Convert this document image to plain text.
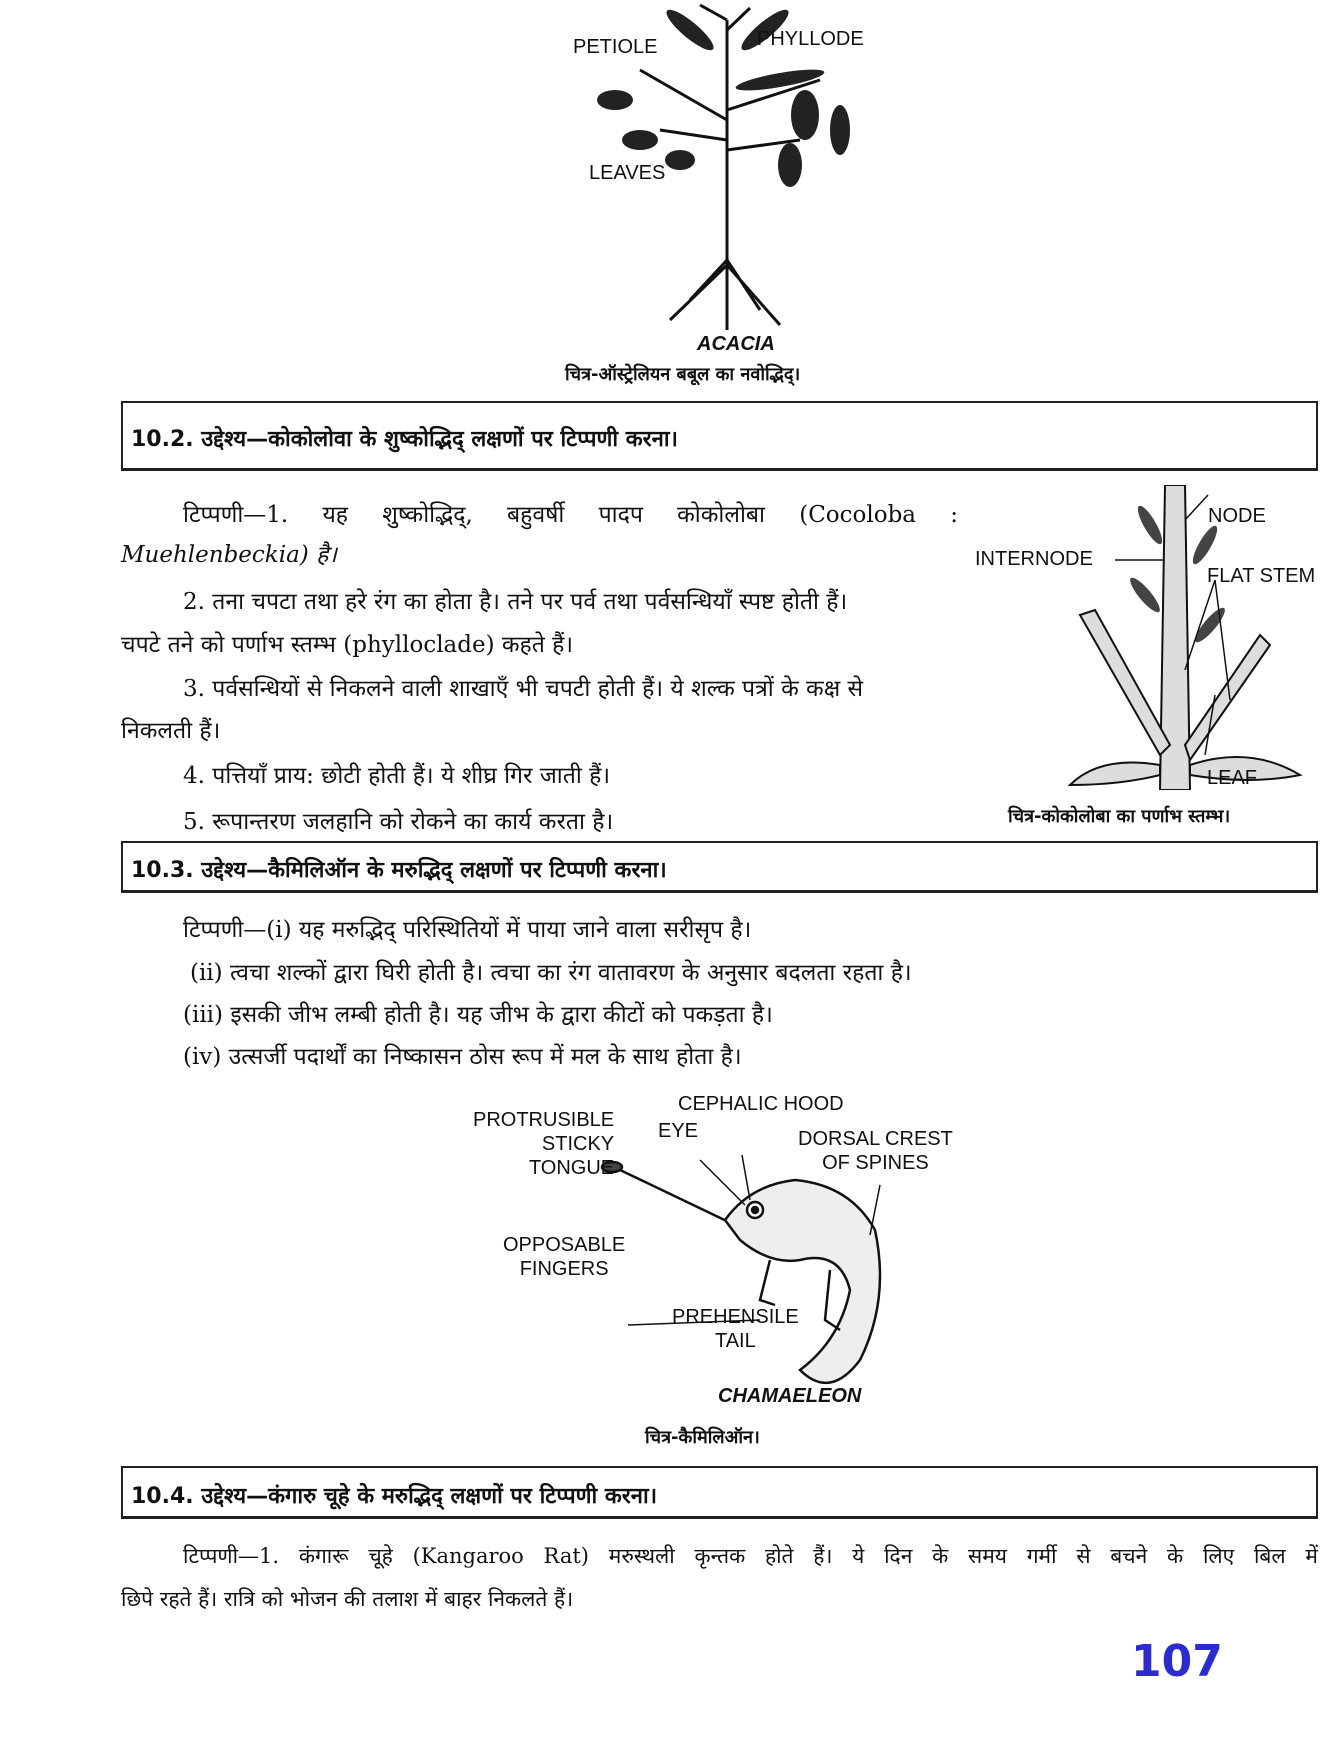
PETIOLE	PHYLLODE
LEAVES
ACACIA
चित्र-ऑस्ट्रेलियन बबूल का नवोद्भिद्।
10.2. उद्देश्य—कोकोलोवा के शुष्कोद्भिद् लक्षणों पर टिप्पणी करना।
टिप्पणी—1. यह शुष्कोद्भिद्, बहुवर्षी पादप कोकोलोबा (Cocoloba :
Muehlenbeckia) है।
2. तना चपटा तथा हरे रंग का होता है। तने पर पर्व तथा पर्वसन्धियाँ स्पष्ट होती हैं।
चपटे तने को पर्णाभ स्तम्भ (phylloclade) कहते हैं।
3. पर्वसन्धियों से निकलने वाली शाखाएँ भी चपटी होती हैं। ये शल्क पत्रों के कक्ष से
निकलती हैं।
4. पत्तियाँ प्राय: छोटी होती हैं। ये शीघ्र गिर जाती हैं।
5. रूपान्तरण जलहानि को रोकने का कार्य करता है।
NODE
INTERNODE
FLAT STEM
LEAF
चित्र-कोकोलोबा का पर्णाभ स्तम्भ।
10.3. उद्देश्य—कैमिलिऑन के मरुद्भिद् लक्षणों पर टिप्पणी करना।
टिप्पणी—(i) यह मरुद्भिद् परिस्थितियों में पाया जाने वाला सरीसृप है।
(ii) त्वचा शल्कों द्वारा घिरी होती है। त्वचा का रंग वातावरण के अनुसार बदलता रहता है।
(iii) इसकी जीभ लम्बी होती है। यह जीभ के द्वारा कीटों को पकड़ता है।
(iv) उत्सर्जी पदार्थों का निष्कासन ठोस रूप में मल के साथ होता है।
PROTRUSIBLE
STICKY
TONGUE
CEPHALIC HOOD
EYE	DORSAL CREST
OF SPINES
OPPOSABLE
FINGERS
PREHENSILE
TAIL
CHAMAELEON
चित्र-कैमिलिऑन।
10.4. उद्देश्य—कंगारु चूहे के मरुद्भिद् लक्षणों पर टिप्पणी करना।
टिप्पणी—1. कंगारू चूहे (Kangaroo Rat) मरुस्थली कृन्तक होते हैं। ये दिन के समय गर्मी से बचने के लिए बिल में
छिपे रहते हैं। रात्रि को भोजन की तलाश में बाहर निकलते हैं।
107
